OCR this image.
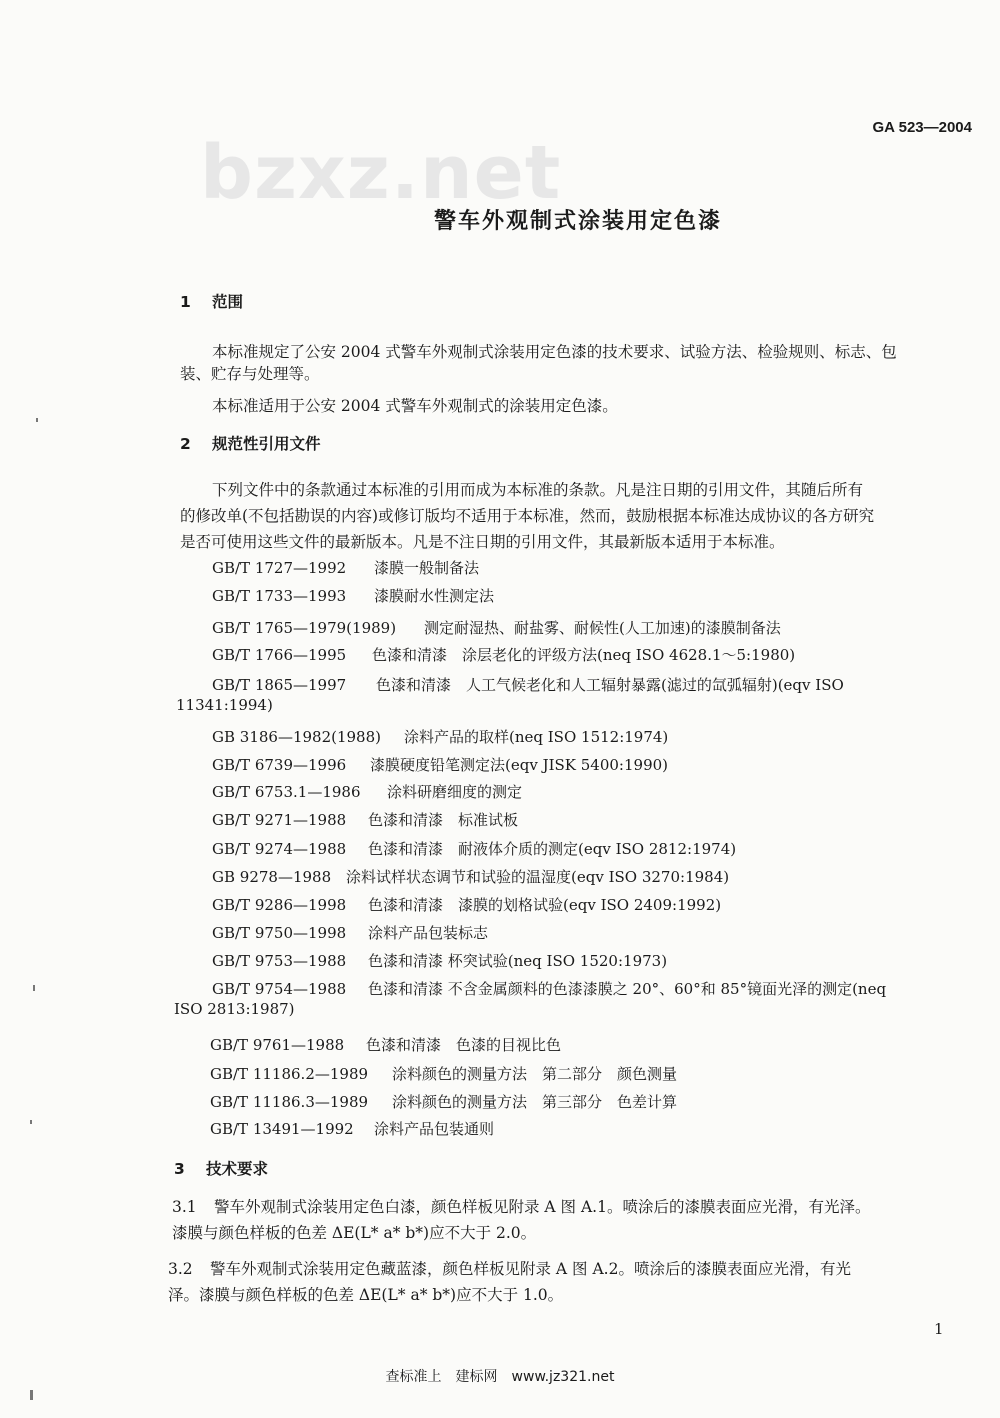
GA 523—2004
bzxz.net
警车外观制式涂装用定色漆
1 范围
本标准规定了公安 2004 式警车外观制式涂装用定色漆的技术要求、试验方法、检验规则、标志、包
装、贮存与处理等。
本标准适用于公安 2004 式警车外观制式的涂装用定色漆。
2 规范性引用文件
下列文件中的条款通过本标准的引用而成为本标准的条款。凡是注日期的引用文件，其随后所有
的修改单(不包括勘误的内容)或修订版均不适用于本标准，然而，鼓励根据本标准达成协议的各方研究
是否可使用这些文件的最新版本。凡是不注日期的引用文件，其最新版本适用于本标准。
GB/T 1727—1992 漆膜一般制备法
GB/T 1733—1993 漆膜耐水性测定法
GB/T 1765—1979(1989) 测定耐湿热、耐盐雾、耐候性(人工加速)的漆膜制备法
GB/T 1766—1995 色漆和清漆　涂层老化的评级方法(neq ISO 4628.1～5:1980)
GB/T 1865—1997 色漆和清漆　人工气候老化和人工辐射暴露(滤过的氙弧辐射)(eqv ISO
11341:1994)
GB 3186—1982(1988) 涂料产品的取样(neq ISO 1512:1974)
GB/T 6739—1996 漆膜硬度铅笔测定法(eqv JISK 5400:1990)
GB/T 6753.1—1986 涂料研磨细度的测定
GB/T 9271—1988 色漆和清漆　标准试板
GB/T 9274—1988 色漆和清漆　耐液体介质的测定(eqv ISO 2812:1974)
GB 9278—1988 涂料试样状态调节和试验的温湿度(eqv ISO 3270:1984)
GB/T 9286—1998 色漆和清漆　漆膜的划格试验(eqv ISO 2409:1992)
GB/T 9750—1998 涂料产品包装标志
GB/T 9753—1988 色漆和清漆 杯突试验(neq ISO 1520:1973)
GB/T 9754—1988 色漆和清漆 不含金属颜料的色漆漆膜之 20°、60°和 85°镜面光泽的测定(neq
ISO 2813:1987)
GB/T 9761—1988 色漆和清漆　色漆的目视比色
GB/T 11186.2—1989 涂料颜色的测量方法　第二部分　颜色测量
GB/T 11186.3—1989 涂料颜色的测量方法　第三部分　色差计算
GB/T 13491—1992 涂料产品包装通则
3 技术要求
3.1 警车外观制式涂装用定色白漆，颜色样板见附录 A 图 A.1。喷涂后的漆膜表面应光滑，有光泽。
漆膜与颜色样板的色差 ΔE(L* a* b*)应不大于 2.0。
3.2 警车外观制式涂装用定色藏蓝漆，颜色样板见附录 A 图 A.2。喷涂后的漆膜表面应光滑，有光
泽。漆膜与颜色样板的色差 ΔE(L* a* b*)应不大于 1.0。
1
查标准上　建标网　www.jz321.net
